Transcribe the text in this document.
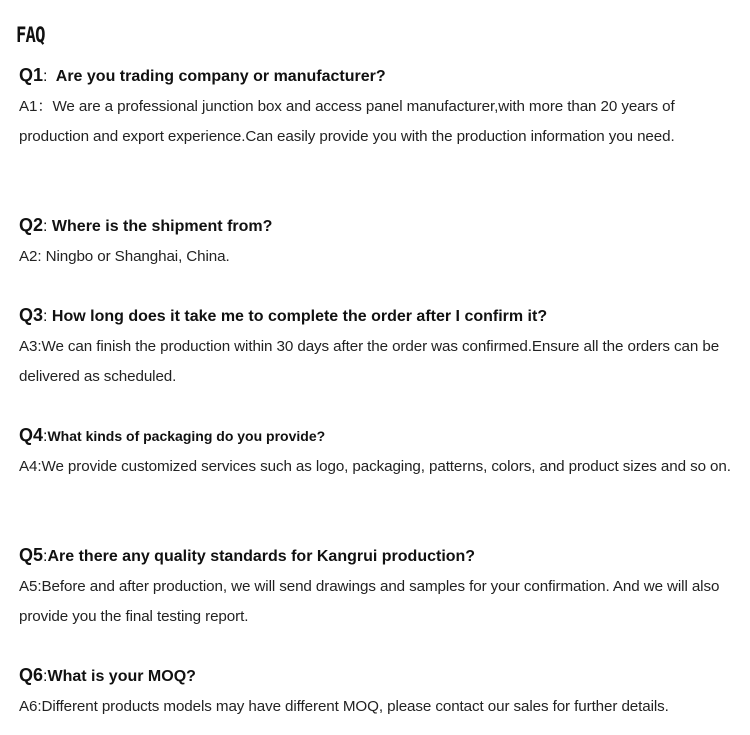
FAQ
Q1: Are you trading company or manufacturer?
A1：We are a professional junction box and access panel manufacturer,with more than 20 years of production and export experience.Can easily provide you with the production information you need.
Q2: Where is the shipment from?
A2: Ningbo or Shanghai, China.
Q3: How long does it take me to complete the order after I confirm it?
A3:We can finish the production within 30 days after the order was confirmed.Ensure all the orders can be delivered as scheduled.
Q4:What kinds of packaging do you provide?
A4:We provide customized services such as logo, packaging, patterns, colors, and product sizes and so on.
Q5:Are there any quality standards for Kangrui production?
A5:Before and after production, we will send drawings and samples for your confirmation. And we will also provide you the final testing report.
Q6:What is your MOQ?
A6:Different products models may have different MOQ, please contact our sales for further details.
